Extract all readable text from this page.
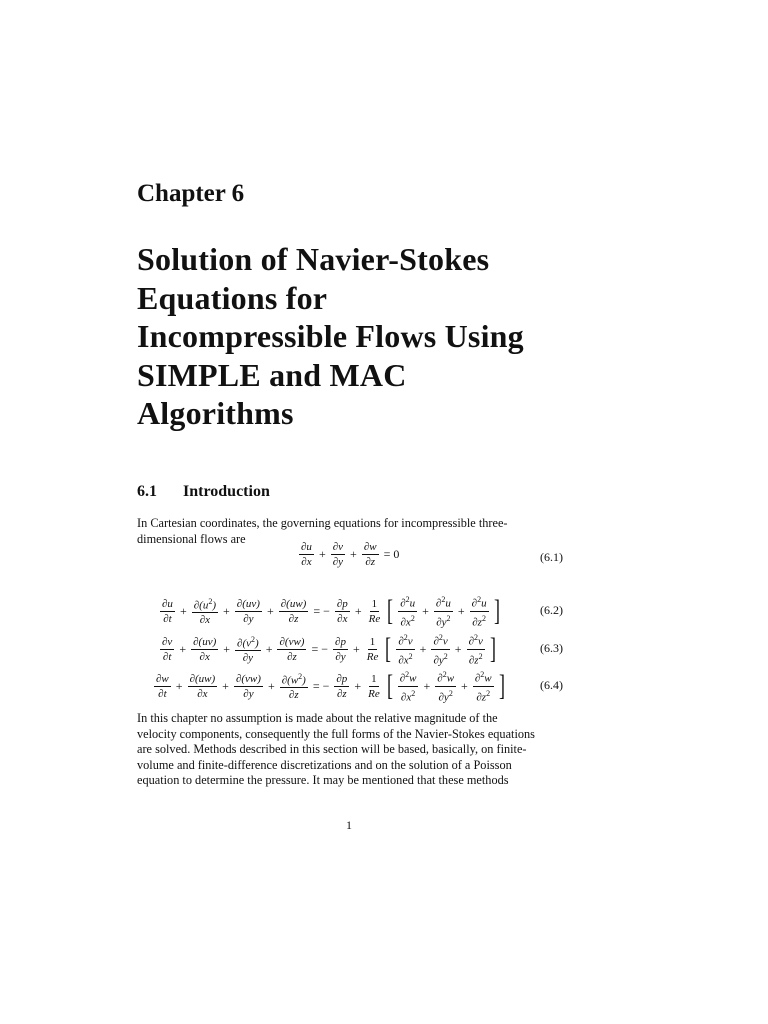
Chapter 6
Solution of Navier-Stokes
Equations for
Incompressible Flows Using
SIMPLE and MAC
Algorithms
6.1 Introduction
In Cartesian coordinates, the governing equations for incompressible three-
dimensional flows are
$\frac{\partial u}{\partial x} + \frac{\partial v}{\partial y} + \frac{\partial w}{\partial z} = 0$	(6.1)
$\frac{\partial u}{\partial t} + \frac{\partial(u^2)}{\partial x} + \frac{\partial(uv)}{\partial y} + \frac{\partial(uw)}{\partial z}$ = − $\frac{\partial p}{\partial x} + \frac{1}{Re}$ [ $\frac{\partial^2u}{\partial x^2} + \frac{\partial^2u}{\partial y^2} + \frac{\partial^2u}{\partial z^2}$ ]	(6.2)
$\frac{\partial v}{\partial t} + \frac{\partial(uv)}{\partial x} + \frac{\partial(v^2)}{\partial y} + \frac{\partial(vw)}{\partial z}$ = − $\frac{\partial p}{\partial y} + \frac{1}{Re}$ [ $\frac{\partial^2v}{\partial x^2} + \frac{\partial^2v}{\partial y^2} + \frac{\partial^2v}{\partial z^2}$ ]	(6.3)
$\frac{\partial w}{\partial t} + \frac{\partial(uw)}{\partial x} + \frac{\partial(vw)}{\partial y} + \frac{\partial(w^2)}{\partial z}$ = − $\frac{\partial p}{\partial z} + \frac{1}{Re}$ [ $\frac{\partial^2w}{\partial x^2} + \frac{\partial^2w}{\partial y^2} + \frac{\partial^2w}{\partial z^2}$ ]	(6.4)
In this chapter no assumption is made about the relative magnitude of the
velocity components, consequently the full forms of the Navier-Stokes equations
are solved. Methods described in this section will be based, basically, on finite-
volume and finite-difference discretizations and on the solution of a Poisson
equation to determine the pressure. It may be mentioned that these methods
1
